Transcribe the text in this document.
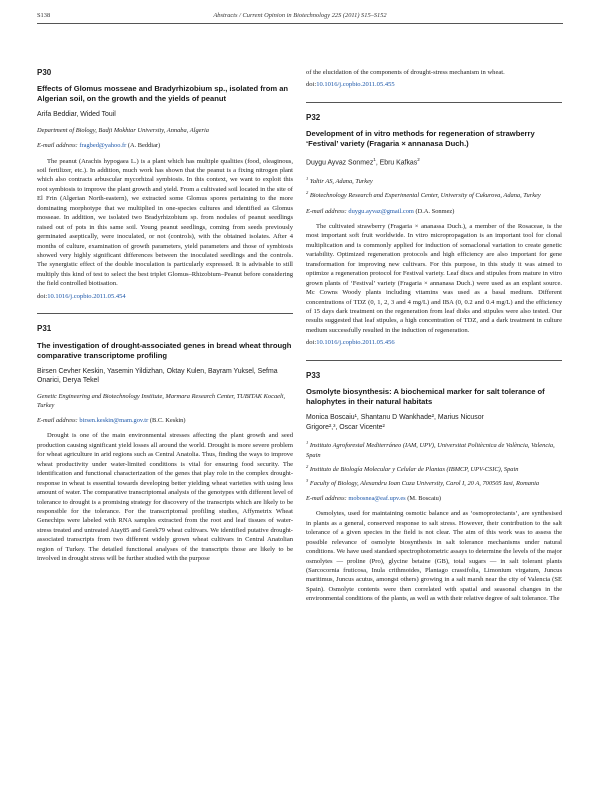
S138	Abstracts / Current Opinion in Biotechnology 22S (2011) S15–S152
P30
Effects of Glomus mosseae and Bradyrhizobium sp., isolated from an Algerian soil, on the growth and the yields of peanut
Arifa Beddiar, Wided Touil
Department of Biology, Badji Mokhtar University, Annaba, Algeria
E-mail address: fragbed@yahoo.fr (A. Beddiar)

The peanut (Arachis hypogaea L.) is a plant which has multiple qualities (food, oleaginous, soil fertilizer, etc.). In addition, much work has shown that the peanut is a fixing nitrogen plant which also contracts arbuscular mycorhizal symbiosis. In this context, we want to exploit this root symbiosis to improve the plant growth and yield. From a cultivated soil located in the site of El Frin (Algerian North-eastern), we extracted some Glomus spores pertaining to the more dominating morphotype that we multiplied in one-species cultures and identified as Glomus mosseae. In addition, we isolated two Bradyrhizobium sp. from nodules of peanut seedlings raised out of pots in this same soil. Young peanut seedlings, coming from seeds previously germinated aseptically, were inoculated, or not (controls), with the obtained isolates. After 4 months of culture, examination of growth parameters, yield parameters and those of symbiosis showed very highly significant differences between the inoculated seedlings and the controls. The synergistic effect of the double inoculation is particularly expressed. It is advisable to still multiply this kind of test to select the best triplet Glomus–Rhizobium–Peanut before considering the field controlled biotisation.

doi:10.1016/j.copbio.2011.05.454
P31
The investigation of drought-associated genes in bread wheat through comparative transcriptome profiling
Birsen Cevher Keskin, Yasemin Yildizhan, Oktay Kulen, Bayram Yuksel, Sefma Onarici, Derya Tekel
Genetic Engineering and Biotechnology Institute, Marmara Research Center, TUBITAK Kocaeli, Turkey
E-mail address: birsen.keskin@mam.gov.tr (B.C. Keskin)

Drought is one of the main environmental stresses affecting the plant growth and seed production causing significant yield losses all around the world. Drought is more severe problem for wheat agriculture in arid regions such as Central Anatolia. Thus, finding the ways to improve wheat productivity under water-limited conditions is vital for ensuring food security. The identification and functional characterization of the genes that play role in the complex drought-response in wheat is essential towards developing better yielding wheat varieties with using less amount of water. The comparative transcriptomal analysis of the genotypes with different level of tolerance to drought is a promising strategy for discovery of the transcripts which are likely to be responsible for the tolerance. For the transcriptomal profiling studies, Affymetrix Wheat Genechips were labeled with RNA samples extracted from the root and leaf tissues of water-stress treated and untreated Atay85 and Gerek79 wheat cultivars. We identified putative drought-associated transcripts from two different widely grown wheat cultivars in Central Anatolian region of Turkey. The detailed functional analyses of the transcripts those are likely to be involved in drought stress will be further studied with the purpose

of the elucidation of the components of drought-stress mechanism in wheat.

doi:10.1016/j.copbio.2011.05.455
P32
Development of in vitro methods for regeneration of strawberry ‘Festival’ variety (Fragaria × annanasa Duch.)
Duygu Ayvaz Sonmez$^1$, Ebru Kafkas$^2$
$^1$ Yaltir AS, Adana, Turkey
$^2$ Biotechnology Research and Experimental Center, University of Cukurova, Adana, Turkey
E-mail address: duygu.ayvaz@gmail.com (D.A. Sonmez)

The cultivated strawberry (Fragaria × ananassa Duch.), a member of the Rosaceae, is the most important soft fruit worldwide. In vitro micropropagation is an important tool for clonal multiplication and is commonly applied for induction of somaclonal variation to create genetic variability. Optimized regeneration protocols and high efficiency are also important for gene transformation for improving new cultivars. For this purpose, in this study it was aimed to optimize a regeneration protocol for Festival variety. Leaf discs and stipules from mature in vitro grown plants of ‘Festival’ variety (Fragaria × annanasa Duch.) were used as an explant source. Mc Cowns Woody plants including vitamins was used as a basal medium. Different concentrations of TDZ (0, 1, 2, 3 and 4 mg/L) and IBA (0, 0.2 and 0.4 mg/L) and the efficiency of 15 days dark treatment on the regeneration from leaf disks and stipules were also tested. Our results suggested that leaf stipules, a high concentration of TDZ, and a dark treatment in culture medium successfully resulted in the induction of regeneration.

doi:10.1016/j.copbio.2011.05.456
P33
Osmolyte biosynthesis: A biochemical marker for salt tolerance of halophytes in their natural habitats
Monica Boscaiu¹, Shantanu D Wankhade², Marius Nicusor
Grigore²,³, Oscar Vicente²
$^1$ Instituto Agroforestal Mediterráneo (IAM, UPV), Universitat Politècnica de València, Valencia, Spain
$^2$ Instituto de Biología Molecular y Celular de Plantas (IBMCP, UPV-CSIC), Spain
$^3$ Faculty of Biology, Alexandru Ioan Cuza University, Carol I, 20 A, 700505 Iasi, Romania
E-mail address: mobosnea@eaf.upv.es (M. Boscaiu)

Osmolytes, used for maintaining osmotic balance and as ‘osmoprotectants’, are synthesised in plants as a general, conserved response to salt stress. However, their contribution to the salt tolerance of a given species in the field is not clear. The aim of this work was to assess the possible relevance of osmolyte biosynthesis in salt tolerance mechanisms under natural conditions. We have used standard spectrophotometric assays to determine the levels of the major osmolytes — proline (Pro), glycine betaine (GB), total sugars — in salt tolerant plants (Sarcocornia fruticosa, Inula crithmoides, Plantago crassifolia, Limonium virgatum, Juncus maritimus, Juncus acutus, amongst others) growing in a salt marsh near the city of Valencia (SE Spain). Osmolyte contents were then correlated with spatial and seasonal changes in the environmental conditions of the plants, as well as with their relative degree of salt tolerance. The
